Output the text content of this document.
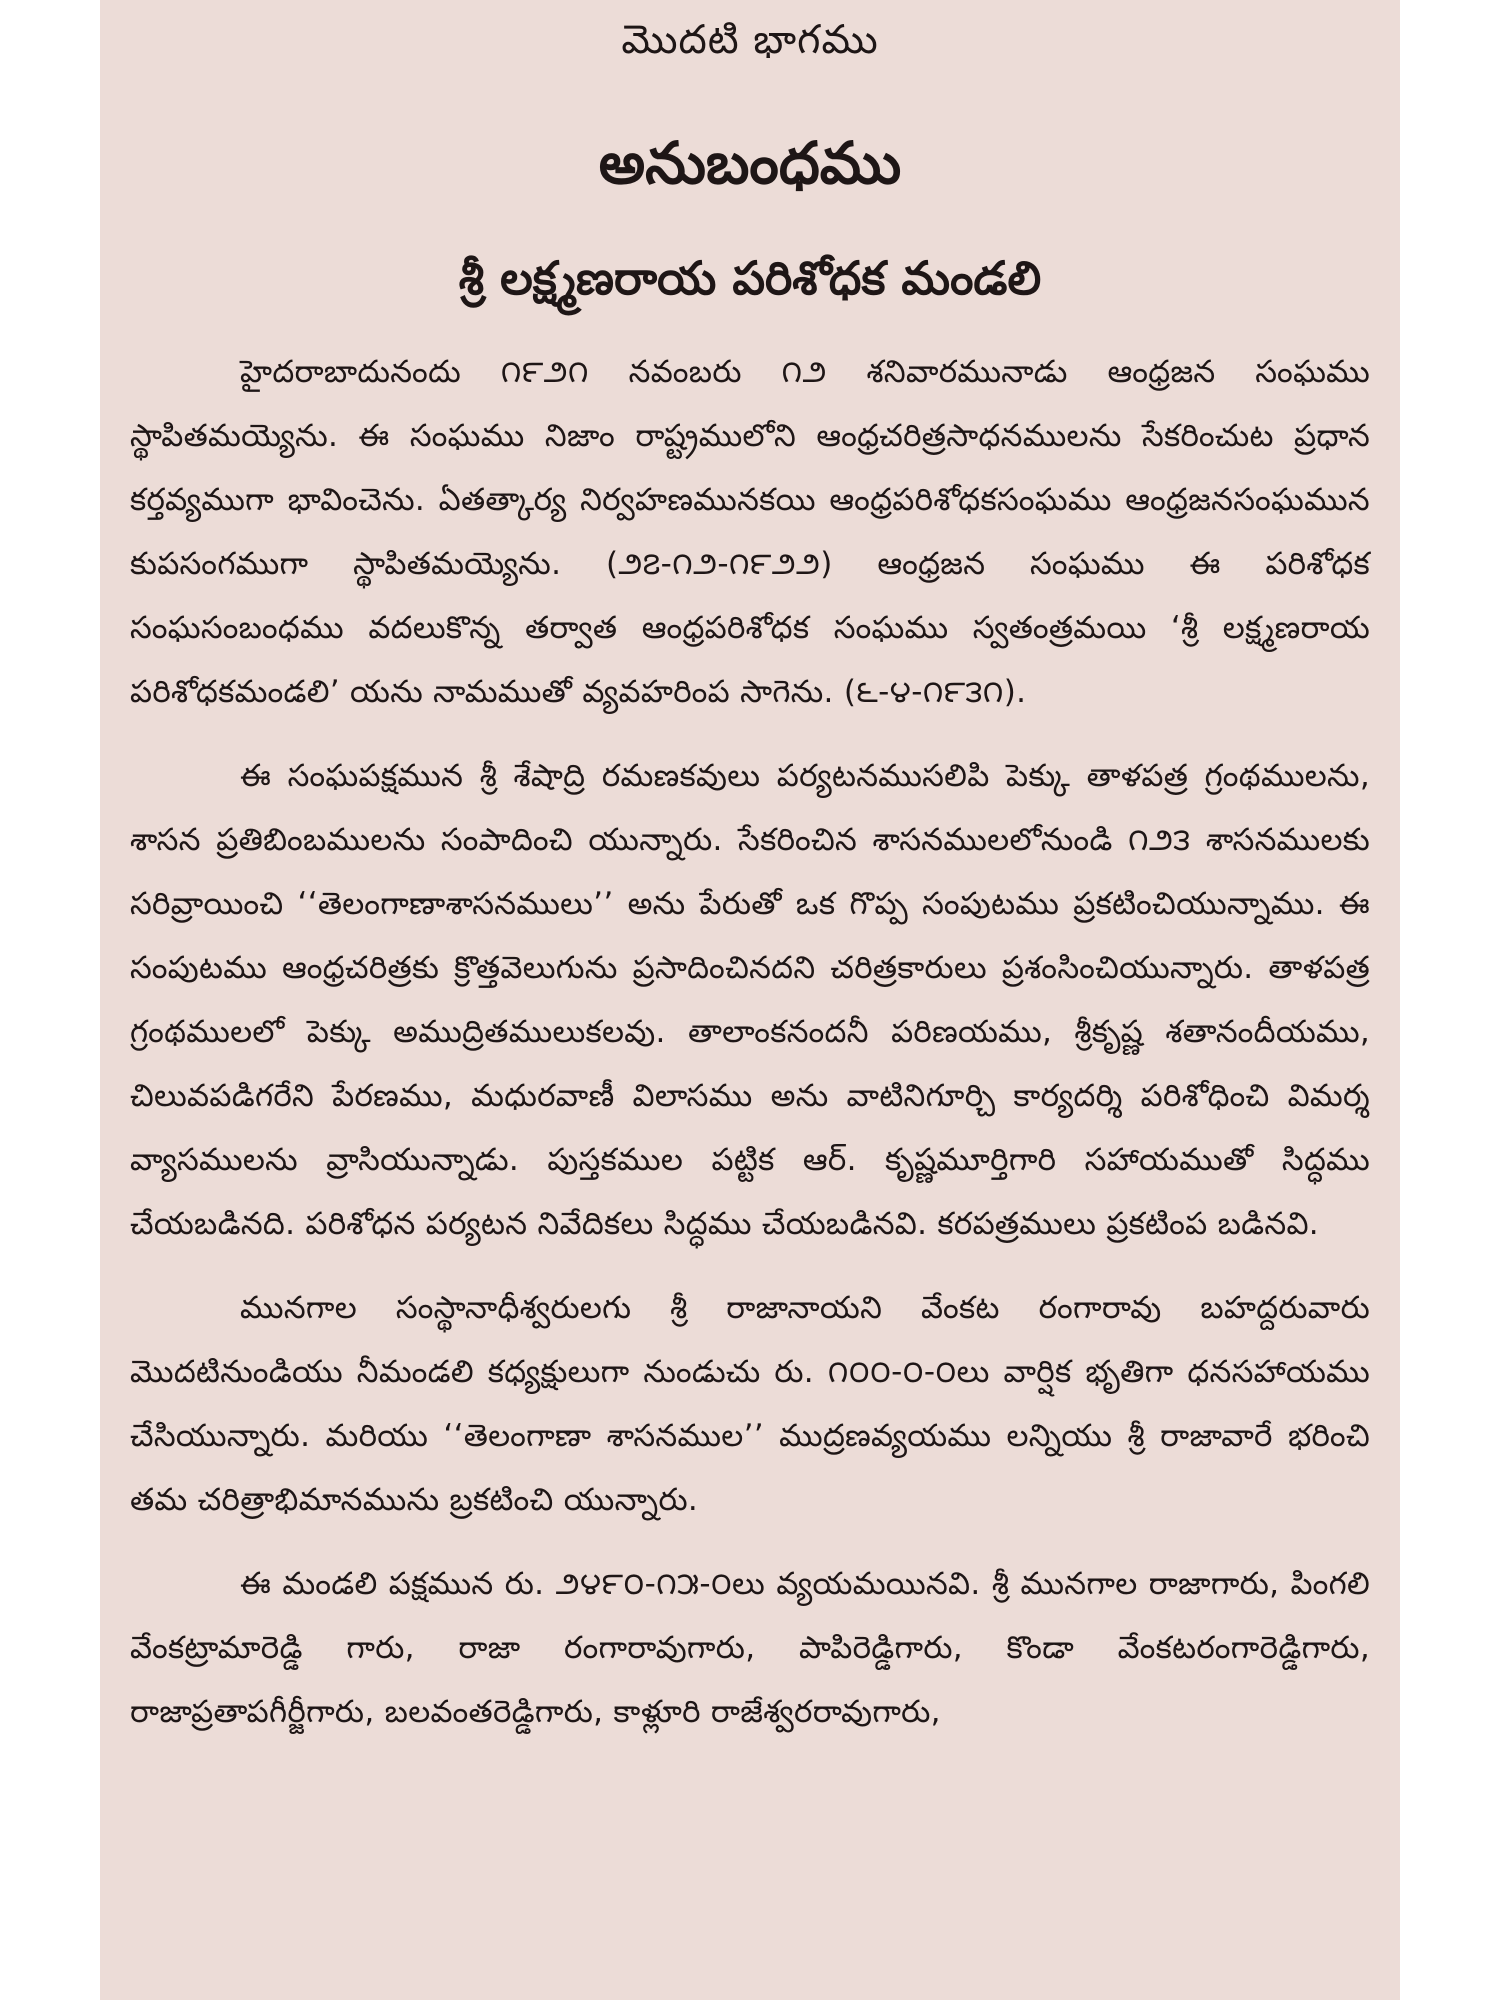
మొదటి భాగము
అనుబంధము
శ్రీ లక్ష్మణరాయ పరిశోధక మండలి

హైదరాబాదునందు ౧౯౨౧ నవంబరు ౧౨ శనివారమునాడు ఆంధ్రజన సంఘము స్థాపితమయ్యెను. ఈ సంఘము నిజాం రాష్ట్రములోని ఆంధ్రచరిత్రసాధనములను సేకరించుట ప్రధాన కర్తవ్యముగా భావించెను. ఏతత్కార్య నిర్వహణమునకయి ఆంధ్రపరిశోధకసంఘము ఆంధ్రజనసంఘమున కుపసంగముగా స్థాపితమయ్యెను. (౨౭-౧౨-౧౯౨౨) ఆంధ్రజన సంఘము ఈ పరిశోధక సంఘసంబంధము వదలుకొన్న తర్వాత ఆంధ్రపరిశోధక సంఘము స్వతంత్రమయి ‘శ్రీ లక్ష్మణరాయ పరిశోధకమండలి’ యను నామముతో వ్యవహరింప సాగెను. (౬-౪-౧౯౩౧).

ఈ సంఘపక్షమున శ్రీ శేషాద్రి రమణకవులు పర్యటనముసలిపి పెక్కు తాళపత్ర గ్రంథములను, శాసన ప్రతిబింబములను సంపాదించి యున్నారు. సేకరించిన శాసనములలోనుండి ౧౨౩ శాసనములకు సరివ్రాయించి ‘‘తెలంగాణాశాసనములు’’ అను పేరుతో ఒక గొప్ప సంపుటము ప్రకటించియున్నాము. ఈ సంపుటము ఆంధ్రచరిత్రకు క్రొత్తవెలుగును ప్రసాదించినదని చరిత్రకారులు ప్రశంసించియున్నారు. తాళపత్ర గ్రంథములలో పెక్కు అముద్రితములుకలవు. తాలాంకనందనీ పరిణయము, శ్రీకృష్ణ శతానందీయము, చిలువపడిగరేని పేరణము, మధురవాణీ విలాసము అను వాటినిగూర్చి కార్యదర్శి పరిశోధించి విమర్శ వ్యాసములను వ్రాసియున్నాడు. పుస్తకముల పట్టిక ఆర్. కృష్ణమూర్తిగారి సహాయముతో సిద్ధము చేయబడినది. పరిశోధన పర్యటన నివేదికలు సిద్ధము చేయబడినవి. కరపత్రములు ప్రకటింప బడినవి.

మునగాల సంస్థానాధీశ్వరులగు శ్రీ రాజానాయని వేంకట రంగారావు బహద్దరువారు మొదటినుండియు నీమండలి కధ్యక్షులుగా నుండుచు రు. ౧౦౦-౦-౦లు వార్షిక భృతిగా ధనసహాయము చేసియున్నారు. మరియు ‘‘తెలంగాణా శాసనముల’’ ముద్రణవ్యయము లన్నియు శ్రీ రాజావారే భరించి తమ చరిత్రాభిమానమును బ్రకటించి యున్నారు.

ఈ మండలి పక్షమున రు. ౨౪౯౦-౧౫-౦లు వ్యయమయినవి. శ్రీ మునగాల రాజాగారు, పింగలి వేంకట్రామారెడ్డి గారు, రాజా రంగారావుగారు, పాపిరెడ్డిగారు, కొండా వేంకటరంగారెడ్డిగారు, రాజాప్రతాపగీర్జీగారు, బలవంతరెడ్డిగారు, కాళ్లూరి రాజేశ్వరరావుగారు,
